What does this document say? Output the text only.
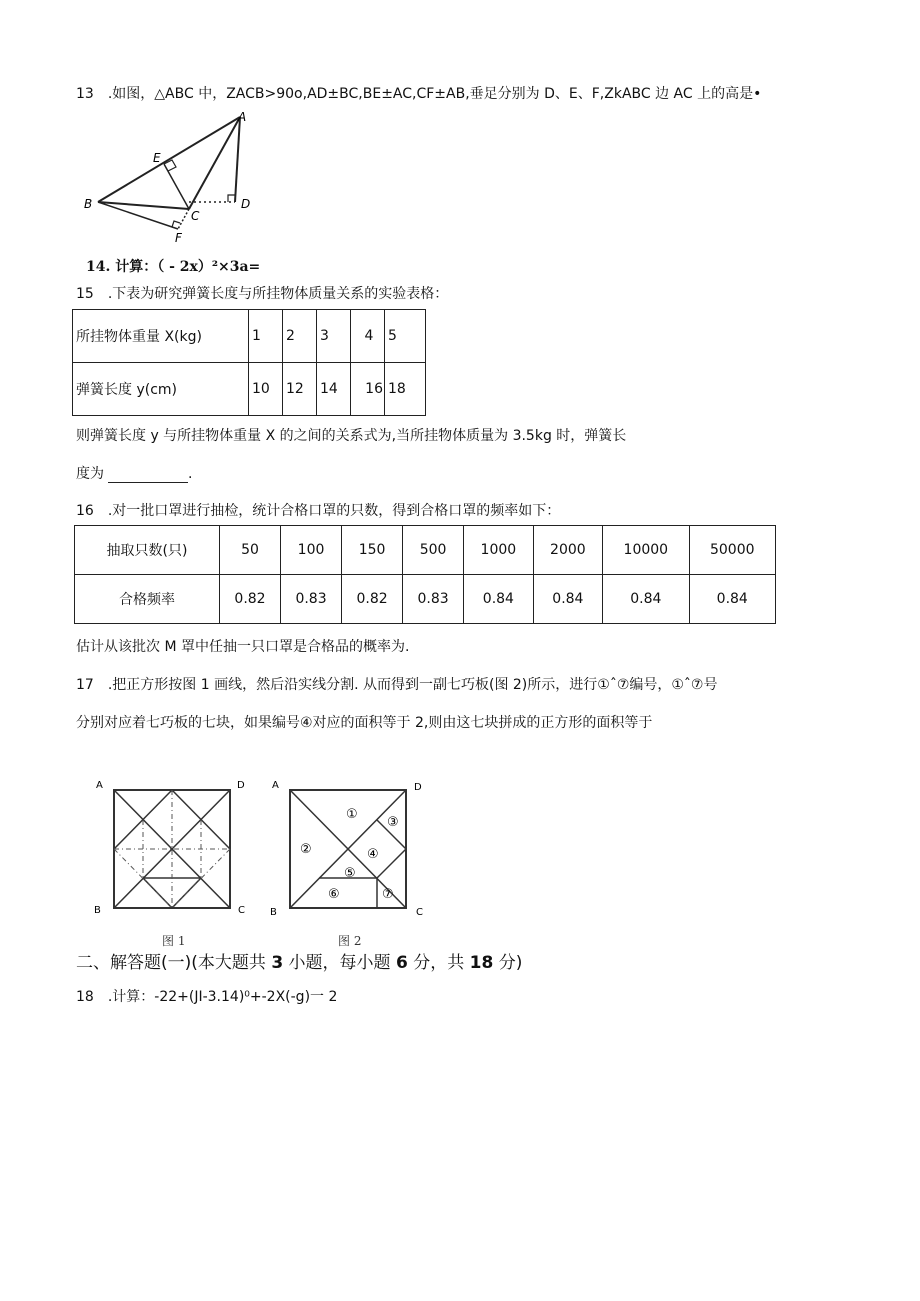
13 .如图，△ABC 中，ZACB>90o,AD±BC,BE±AC,CF±AB,垂足分别为 D、E、F,ZkABC 边 AC 上的高是•
A
B
C
D
E
F
14. 计算：（ - 2x）²×3a=
15 .下表为研究弹簧长度与所挂物体质量关系的实验表格：
所挂物体重量 X(kg)	1	2	3	4	5
弹簧长度 y(cm)	10	12	14	16	18
则弹簧长度 y 与所挂物体重量 X 的之间的关系式为,当所挂物体质量为 3.5kg 时，弹簧长
度为	.
16 .对一批口罩进行抽检，统计合格口罩的只数，得到合格口罩的频率如下：
抽取只数(只)	50	100	150	500	1000	2000	10000	50000
合格频率	0.82	0.83	0.82	0.83	0.84	0.84	0.84	0.84
估计从该批次 M 罩中任抽一只口罩是合格品的概率为.
17 .把正方形按图 1 画线，然后沿实线分割. 从而得到一副七巧板(图 2)所示，进行①ˆ⑦编号，①ˆ⑦号
分别对应着七巧板的七块，如果编号④对应的面积等于 2,则由这七块拼成的正方形的面积等于
A	D
B	C
图 1
①
②
③
④
⑤
⑥	⑦
A	D
B	C
图 2
二、解答题(一)(本大题共 3 小题，每小题 6 分，共 18 分)
18 .计算：-22+(JI-3.14)⁰+-2X(-g)一 2
